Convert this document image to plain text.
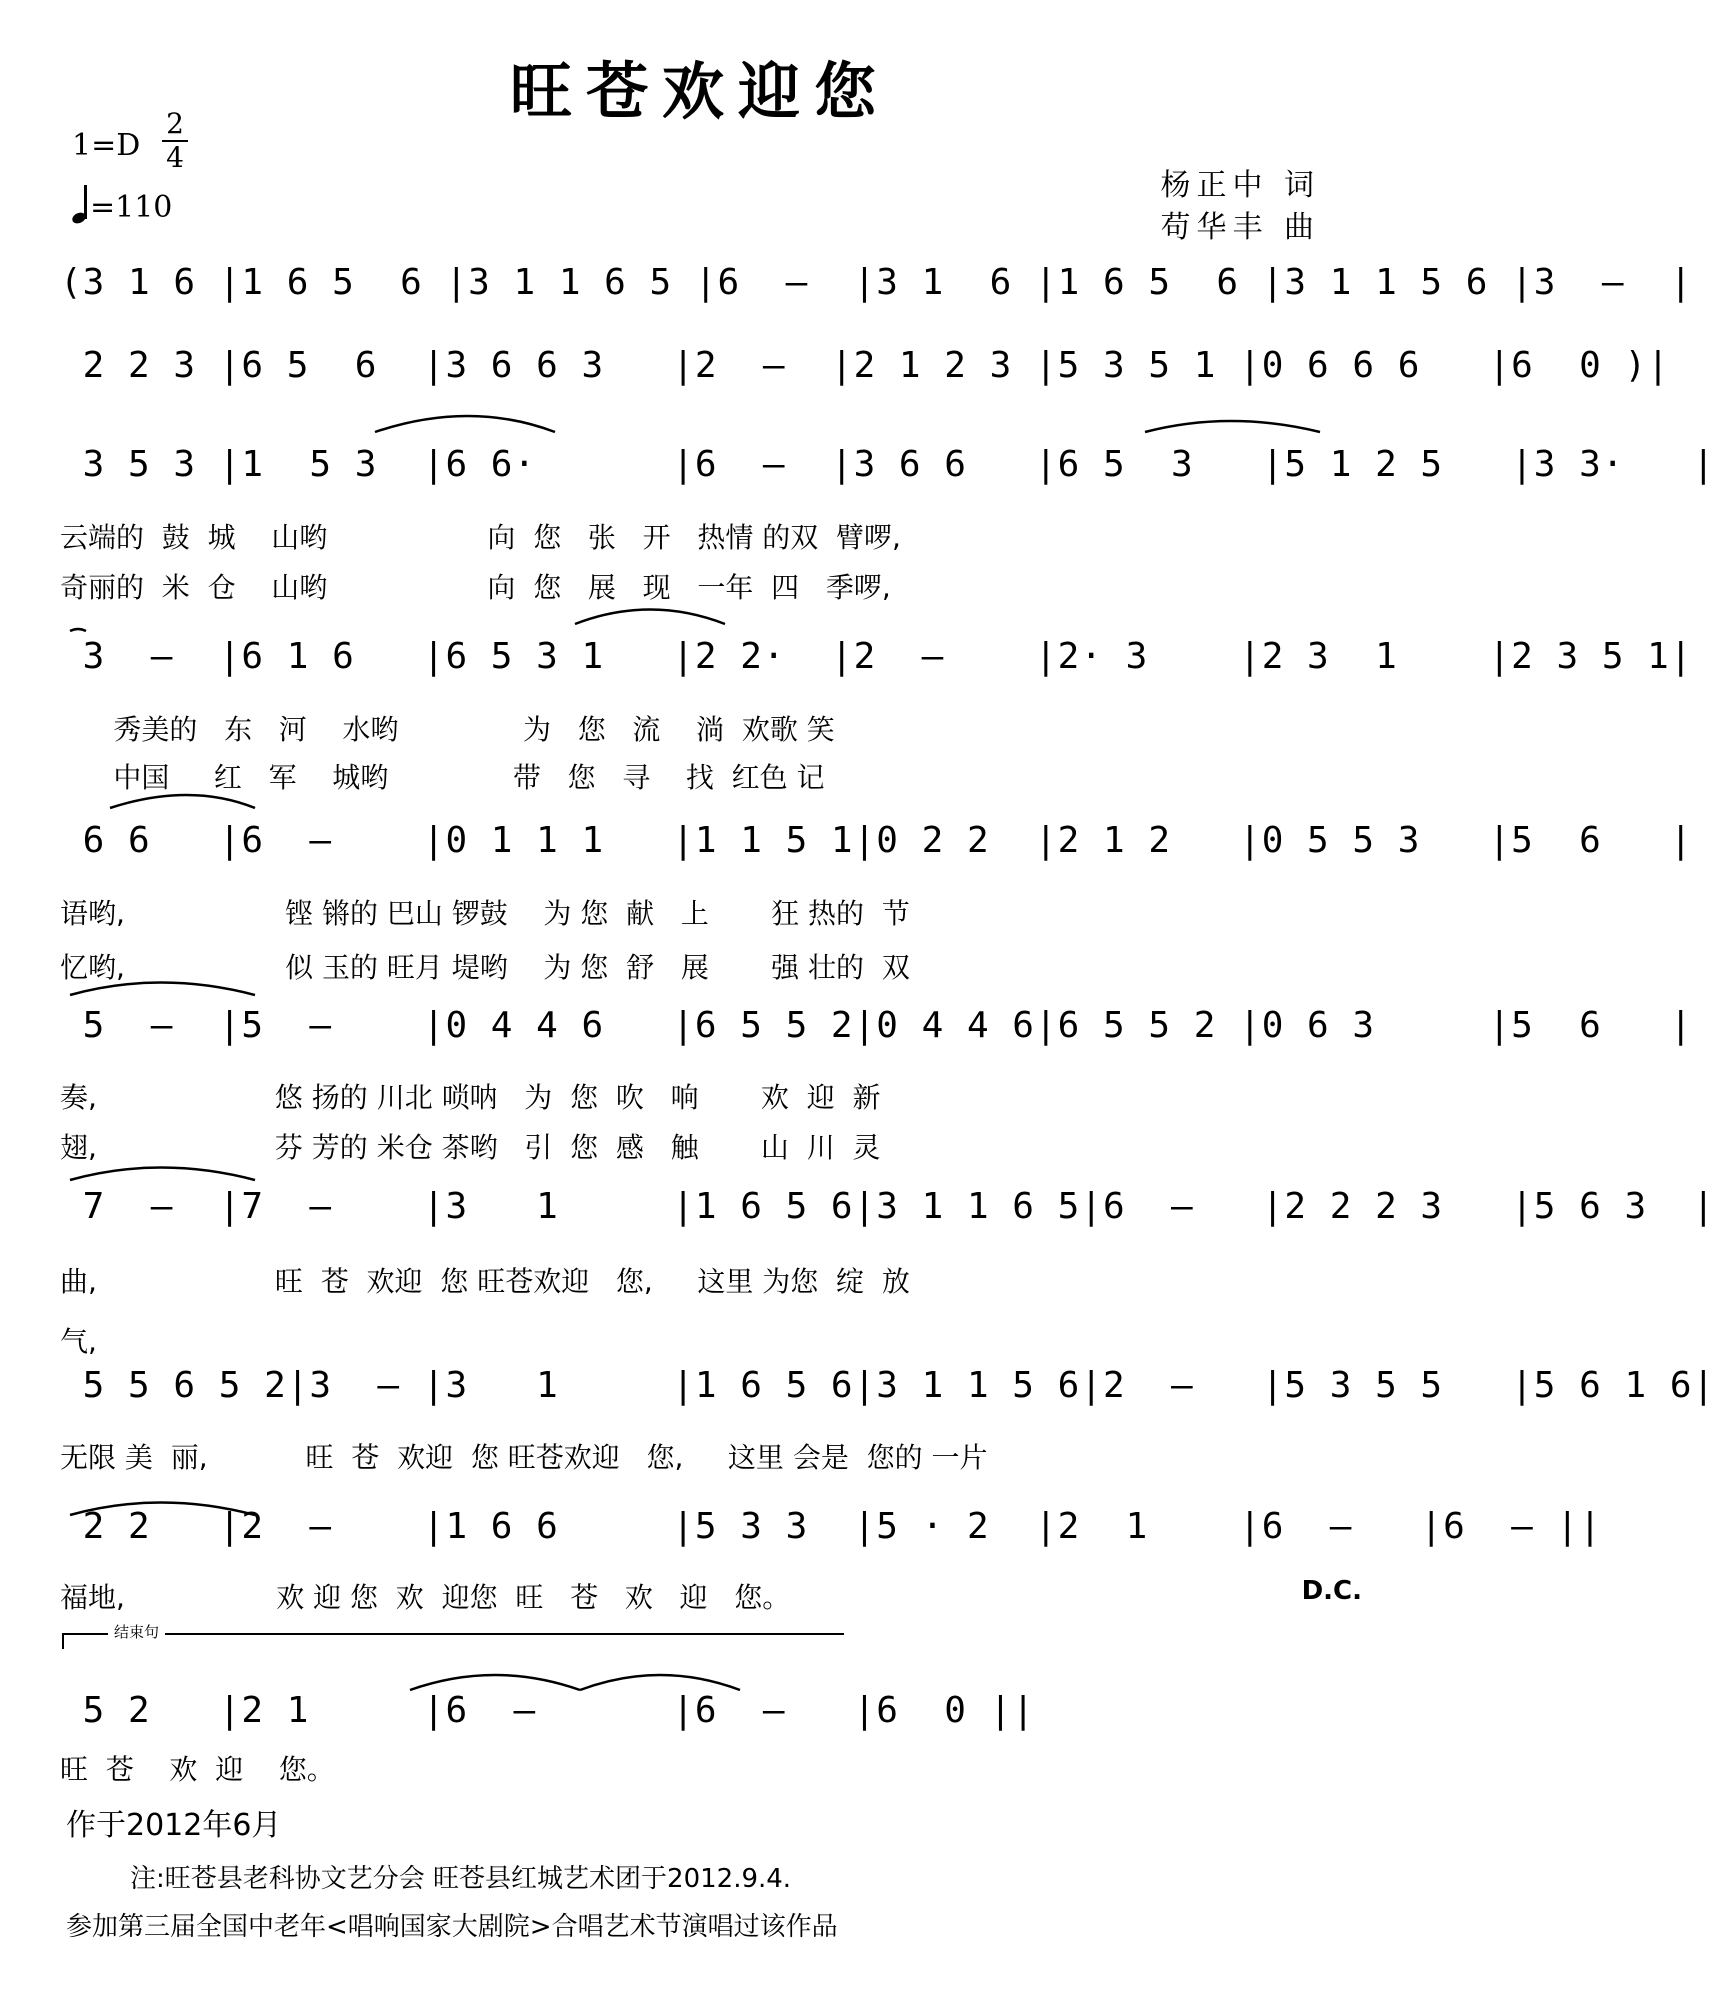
旺苍欢迎您
1=D
2
4
=110
杨正中 词
苟华丰 曲
(3 1 6 |1 6 5  6 |3 1 1 6 5 |6  —  |3 1  6 |1 6 5  6 |3 1 1 5 6 |3  —  |
2 2 3 |6 5  6  |3 6 6 3   |2  —  |2 1 2 3 |5 3 5 1 |0 6 6 6   |6  0 )|
3 5 3 |1  5 3  |6 6·      |6  —  |3 6 6   |6 5  3   |5 1 2 5   |3 3·   |
云端的  鼓  城    山哟                  向  您   张   开   热情 的双  臂啰,
奇丽的  米  仓    山哟                  向  您   展   现   一年  四   季啰,
3  —  |6 1 6   |6 5 3 1   |2 2·  |2  —    |2· 3    |2 3  1    |2 3 5 1|
秀美的   东   河    水哟              为   您   流    淌  欢歌 笑
中国     红   军    城哟              带   您   寻    找  红色 记
6 6   |6  —    |0 1 1 1   |1 1 5 1|0 2 2  |2 1 2   |0 5 5 3   |5  6   |
语哟,                  铿 锵的 巴山 锣鼓    为 您  献   上       狂 热的  节
忆哟,                  似 玉的 旺月 堤哟    为 您  舒   展       强 壮的  双
5  —  |5  —    |0 4 4 6   |6 5 5 2|0 4 4 6|6 5 5 2 |0 6 3     |5  6   |
奏,                    悠 扬的 川北 唢呐   为  您  吹   响       欢  迎  新
翅,                    芬 芳的 米仓 茶哟   引  您  感   触       山  川  灵
7  —  |7  —    |3   1     |1 6 5 6|3 1 1 6 5|6  —   |2 2 2 3   |5 6 3  |
曲,                    旺  苍  欢迎  您 旺苍欢迎   您,     这里 为您  绽  放
气,
5 5 6 5 2|3  — |3   1     |1 6 5 6|3 1 1 5 6|2  —   |5 3 5 5   |5 6 1 6|
无限 美  丽,           旺  苍  欢迎  您 旺苍欢迎   您,     这里 会是  您的 一片
2 2   |2  —    |1 6 6     |5 3 3  |5 · 2  |2  1    |6  —   |6  — ||
福地,                 欢 迎 您  欢  迎您  旺   苍   欢   迎   您。	D.C.
结束句
5 2   |2 1     |6  —      |6  —   |6  0 ||
旺  苍    欢  迎    您。
作于2012年6月
注:旺苍县老科协文艺分会 旺苍县红城艺术团于2012.9.4.
参加第三届全国中老年<唱响国家大剧院>合唱艺术节演唱过该作品
